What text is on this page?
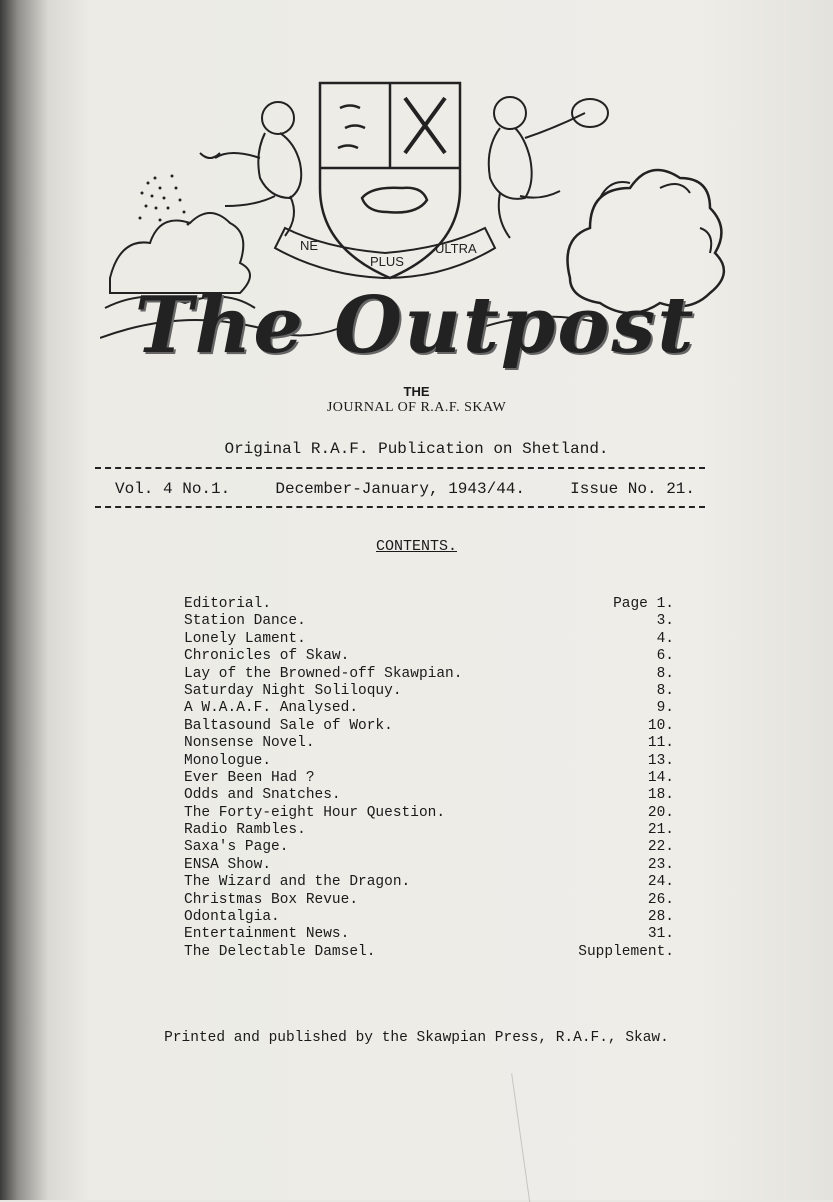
NE
PLUS
ULTRA
The Outpost
THE
JOURNAL OF R.A.F. SKAW
Original R.A.F. Publication on Shetland.
Vol. 4 No.1.	December-January, 1943/44.	Issue No. 21.
CONTENTS.
Editorial.	Page 1.
Station Dance.	3.
Lonely Lament.	4.
Chronicles of Skaw.	6.
Lay of the Browned-off Skawpian.	8.
Saturday Night Soliloquy.	8.
A W.A.A.F. Analysed.	9.
Baltasound Sale of Work.	10.
Nonsense Novel.	11.
Monologue.	13.
Ever Been Had ?	14.
Odds and Snatches.	18.
The Forty-eight Hour Question.	20.
Radio Rambles.	21.
Saxa's Page.	22.
ENSA Show.	23.
The Wizard and the Dragon.	24.
Christmas Box Revue.	26.
Odontalgia.	28.
Entertainment News.	31.
The Delectable Damsel.	Supplement.
Printed and published by the Skawpian Press, R.A.F., Skaw.
